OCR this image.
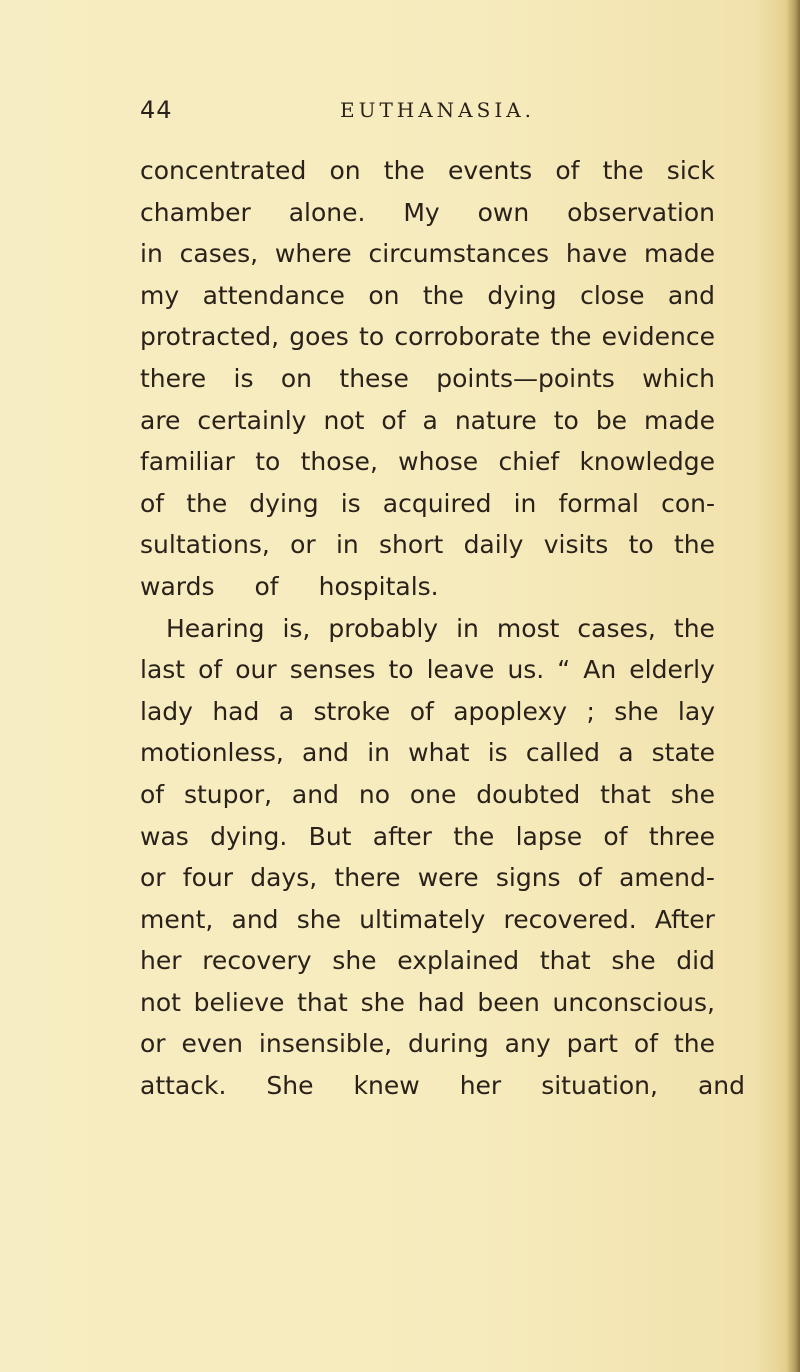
44	EUTHANASIA.
concentrated on the events of the sick
chamber alone. My own observation
in cases, where circumstances have made
my attendance on the dying close and
protracted, goes to corroborate the evidence
there is on these points—points which
are certainly not of a nature to be made
familiar to those, whose chief knowledge
of the dying is acquired in formal con-
sultations, or in short daily visits to the
wards of hospitals.
Hearing is, probably in most cases, the
last of our senses to leave us. “ An elderly
lady had a stroke of apoplexy ; she lay
motionless, and in what is called a state
of stupor, and no one doubted that she
was dying. But after the lapse of three
or four days, there were signs of amend-
ment, and she ultimately recovered. After
her recovery she explained that she did
not believe that she had been unconscious,
or even insensible, during any part of the
attack. She knew her situation, and
